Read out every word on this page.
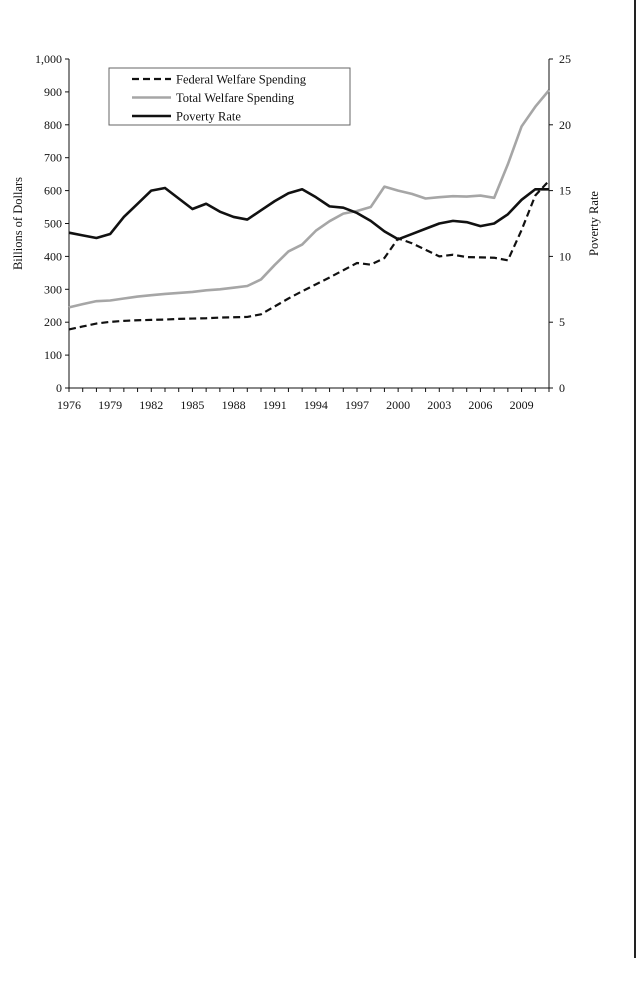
0
100
200
300
400
500
600
700
800
900
1,000
0
5
10
15
20
25
1976 1979 1982 1985 1988 1991 1994 1997 2000 2003 2006 2009
Federal Welfare Spending
Total Welfare Spending
Poverty Rate
Billions of Dollars	Poverty Rate
